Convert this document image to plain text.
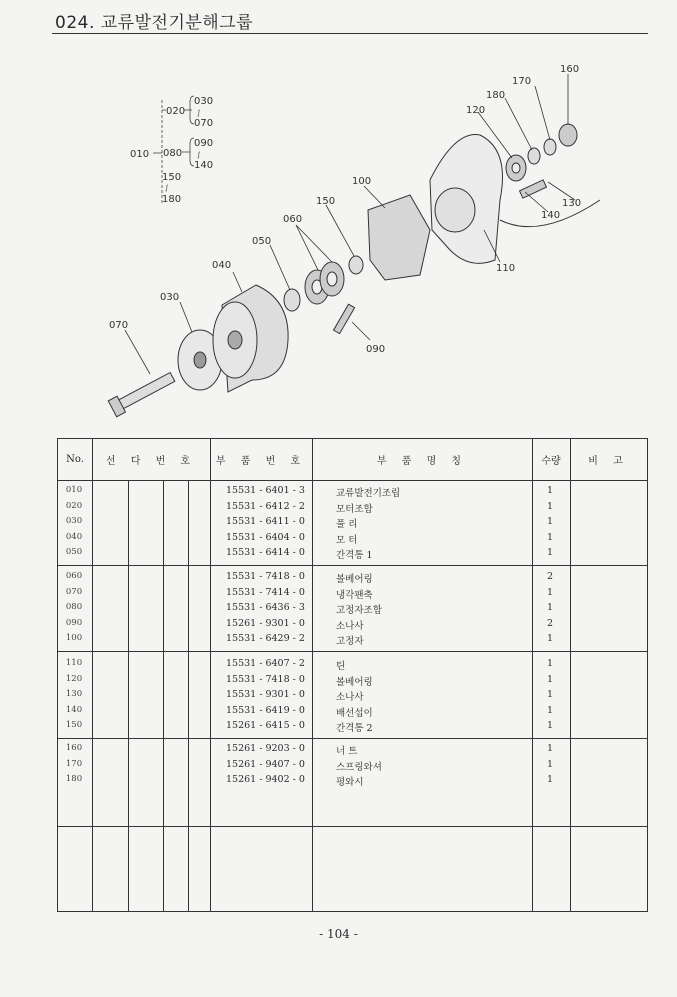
024. 교류발전기분해그룹
010
020
030
∫
070
080
090
∫
140
150
∫
180
160
170
180
120
100
150
060
050
040
030
070
130
140
110
090
No.	선 다 번 호	부 품 번 호	부 품 명 칭	수량	비 고
010	15531 - 6401 - 3	교류발전기조립	1
020	15531 - 6412 - 2	모터조합	1
030	15531 - 6411 - 0	풀 리	1
040	15531 - 6404 - 0	모 터	1
050	15531 - 6414 - 0	간격통 1	1
060	15531 - 7418 - 0	볼베어링	2
070	15531 - 7414 - 0	냉각팬축	1
080	15531 - 6436 - 3	고정자조합	1
090	15261 - 9301 - 0	소나사	2
100	15531 - 6429 - 2	고정자	1
110	15531 - 6407 - 2	틴	1
120	15531 - 7418 - 0	볼베어링	1
130	15531 - 9301 - 0	소나사	1
140	15531 - 6419 - 0	배선섭이	1
150	15261 - 6415 - 0	간격통 2	1
160	15261 - 9203 - 0	너 트	1
170	15261 - 9407 - 0	스프링와셔	1
180	15261 - 9402 - 0	평와시	1
- 104 -
